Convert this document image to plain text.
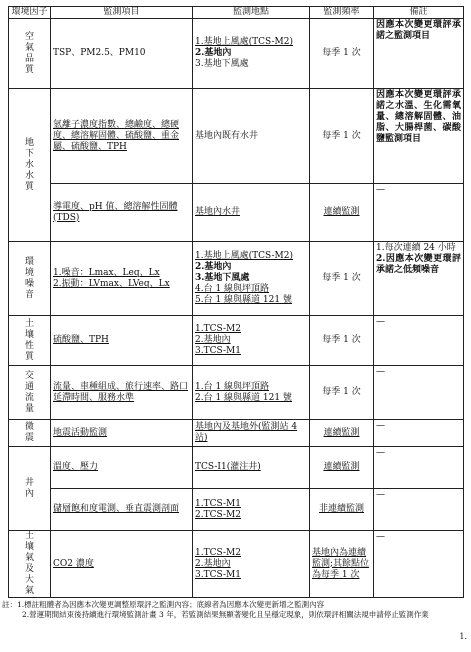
環境因子	監測項目	監測地點	監測頻率	備註

空氣品質	TSP、PM2.5、PM10	1.基地上風處(TCS-M2)
2.基地內
3.基地下風處	每季 1 次	因應本次變更環評承諾之監測項目

地下水水質	氫離子濃度指數、總鹼度、總硬度、總溶解固體、硫酸鹽、重金屬、硫酸鹽、TPH	基地內既有水井	每季 1 次	因應本次變更環評承諾之水溫、生化需氧量、總溶解固體、油脂、大腸桿菌、碳酸鹽監測項目

	導電度、pH 值、總溶解性固體(TDS)	基地內水井	連續監測	—

環境噪音	1.噪音：Lmax、Leq、Lx
2.振動：LVmax、LVeq、Lx	1.基地上風處(TCS-M2)
2.基地內
3.基地下風處
4.台 1 線與坪頂路
5.台 1 線與縣道 121 號	每季 1 次	1.每次連續 24 小時
2.因應本次變更環評承諾之低頻噪音

土壤性質	硫酸鹽、TPH	1.TCS-M2
2.基地內
3.TCS-M1	每季 1 次	—

交通流量	流量、車種組成、旅行速率、路口延滯時間、服務水準	1.台 1 線與坪頂路
2.台 1 線與縣道 121 號	每季 1 次	—

微震	地震活動監測	基地內及基地外(監測站 4 站)	連續監測	—

井內	溫度、壓力	TCS-I1(灌注井)	連續監測	—

	儲層飽和度電測、垂直震測剖面	1.TCS-M1
2.TCS-M2	非連續監測	—

土壤氣及大氣	CO2 濃度	1.TCS-M2
2.基地內
3.TCS-M1	基地內為連續監測;其餘點位為每季 1 次	—
註：1.標註粗體者為因應本次變更調整原環評之監測內容；底線者為因應本次變更新增之監測內容
2.營運期間結束後持續進行環境監測計畫 3 年，若監測結果無顯著變化且呈穩定現象，則依環評相關法規申請停止監測作業
1.
